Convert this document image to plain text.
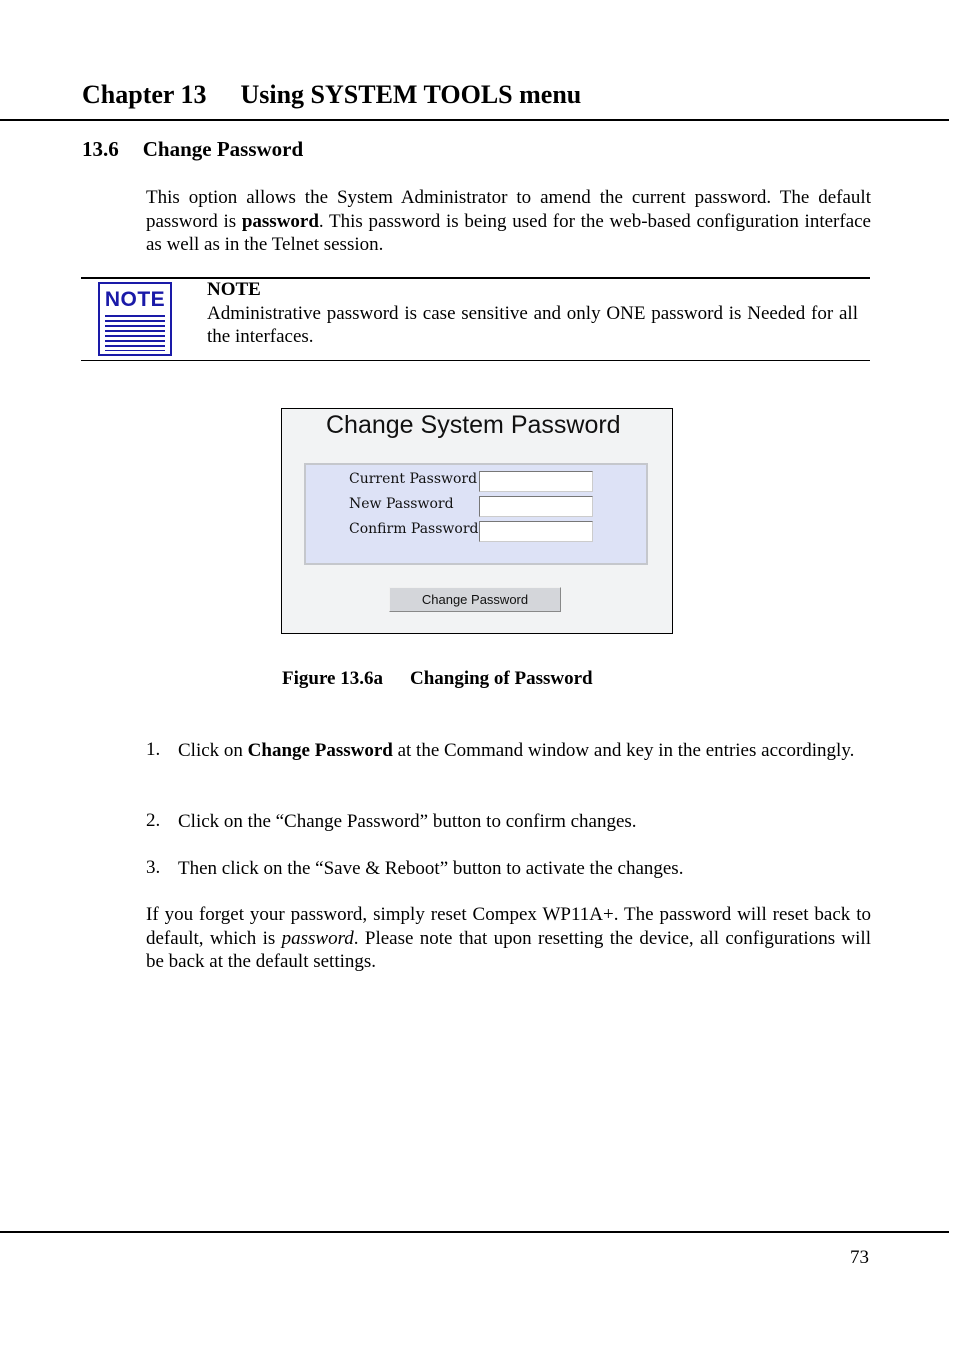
Chapter 13 Using SYSTEM TOOLS menu
13.6 Change Password
This option allows the System Administrator to amend the current password. The default password is password. This password is being used for the web-based configuration interface as well as in the Telnet session.
NOTE NOTE
Administrative password is case sensitive and only ONE password is Needed for all the interfaces.
Change System Password
Current Password
New Password
Confirm Password
Change Password
Figure 13.6a Changing of Password
1. Click on Change Password at the Command window and key in the entries accordingly.
2. Click on the “Change Password” button to confirm changes.
3. Then click on the “Save & Reboot” button to activate the changes.
If you forget your password, simply reset Compex WP11A+. The password will reset back to default, which is password. Please note that upon resetting the device, all configurations will be back at the default settings.
73
